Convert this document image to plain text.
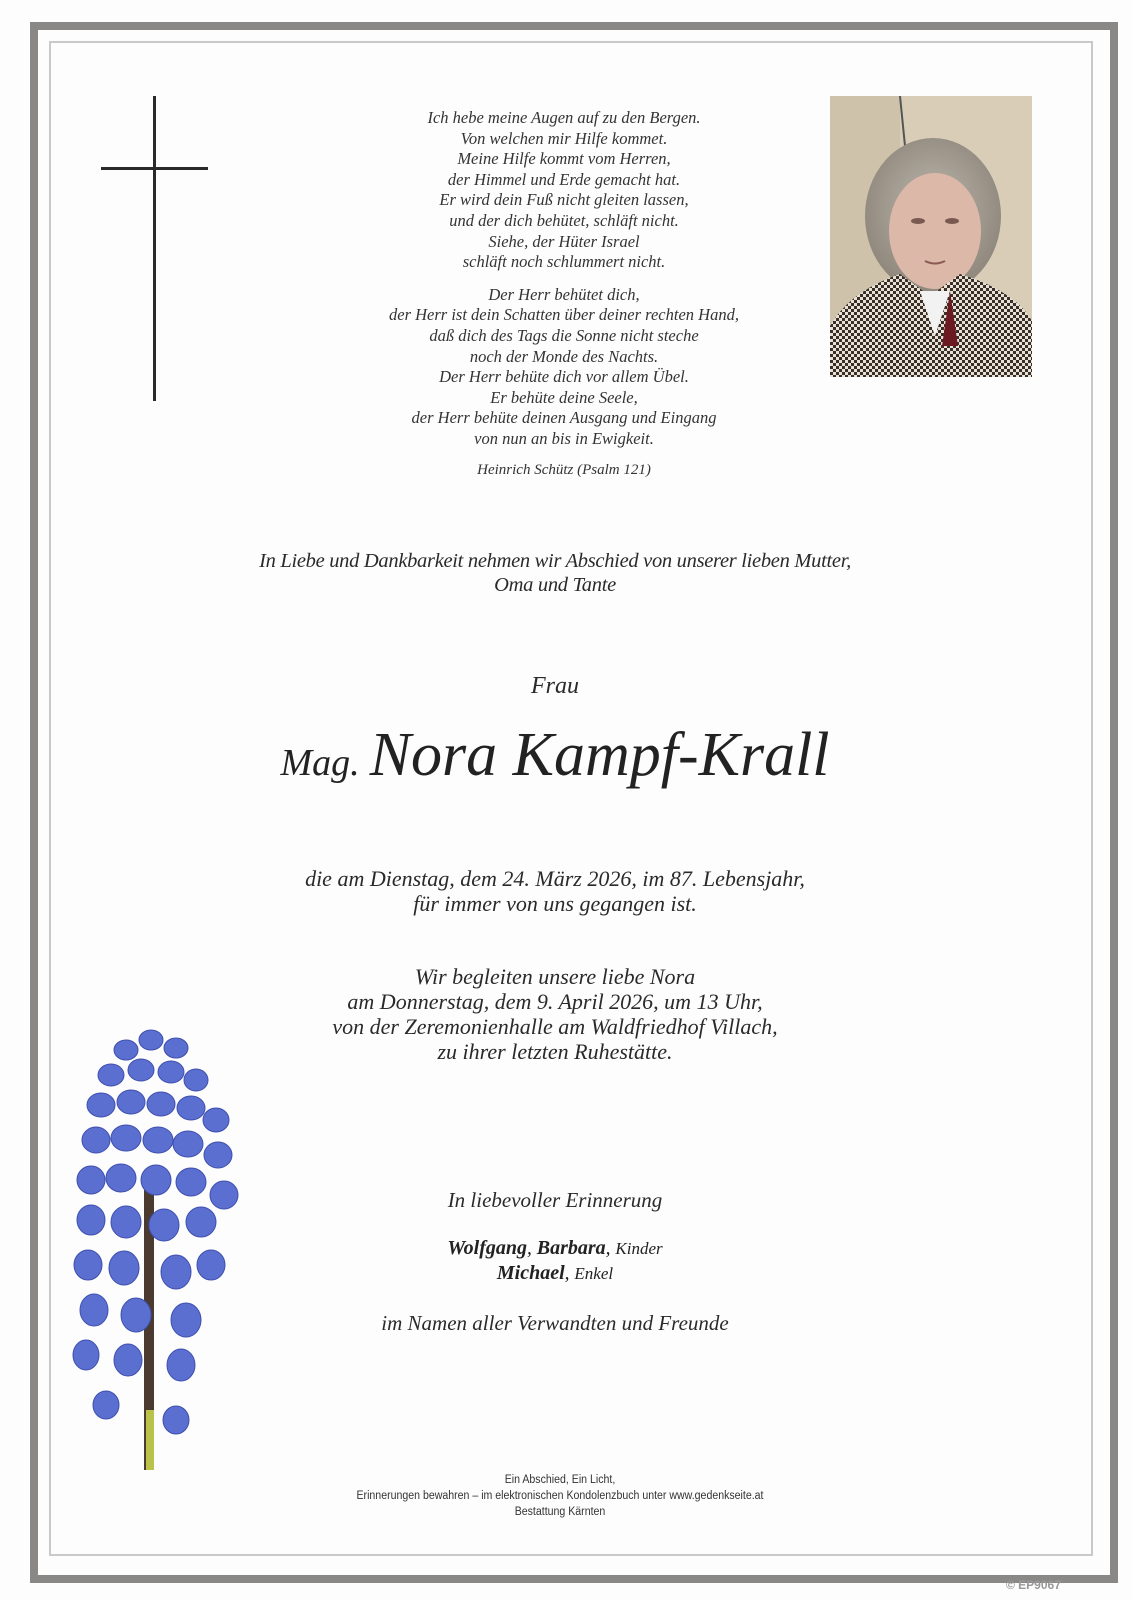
Ich hebe meine Augen auf zu den Bergen.

Von welchen mir Hilfe kommet.

Meine Hilfe kommt vom Herren,

der Himmel und Erde gemacht hat.

Er wird dein Fuß nicht gleiten lassen,

und der dich behütet, schläft nicht.

Siehe, der Hüter Israel

schläft noch schlummert nicht.

Der Herr behütet dich,

der Herr ist dein Schatten über deiner rechten Hand,

daß dich des Tags die Sonne nicht steche

noch der Monde des Nachts.

Der Herr behüte dich vor allem Übel.

Er behüte deine Seele,

der Herr behüte deinen Ausgang und Eingang

von nun an bis in Ewigkeit.

Heinrich Schütz (Psalm 121)

In Liebe und Dankbarkeit nehmen wir Abschied von unserer lieben Mutter,
Oma und Tante
Frau
Mag. Nora Kampf-Krall
die am Dienstag, dem 24. März 2026, im 87. Lebensjahr,
für immer von uns gegangen ist.
Wir begleiten unsere liebe Nora
am Donnerstag, dem 9. April 2026, um 13 Uhr,
von der Zeremonienhalle am Waldfriedhof Villach,
zu ihrer letzten Ruhestätte.
In liebevoller Erinnerung
Wolfgang, Barbara, Kinder
Michael, Enkel
im Namen aller Verwandten und Freunde

Ein Abschied, Ein Licht,

Erinnerungen bewahren – im elektronischen Kondolenzbuch unter www.gedenkseite.at

Bestattung Kärnten

© EP9067
